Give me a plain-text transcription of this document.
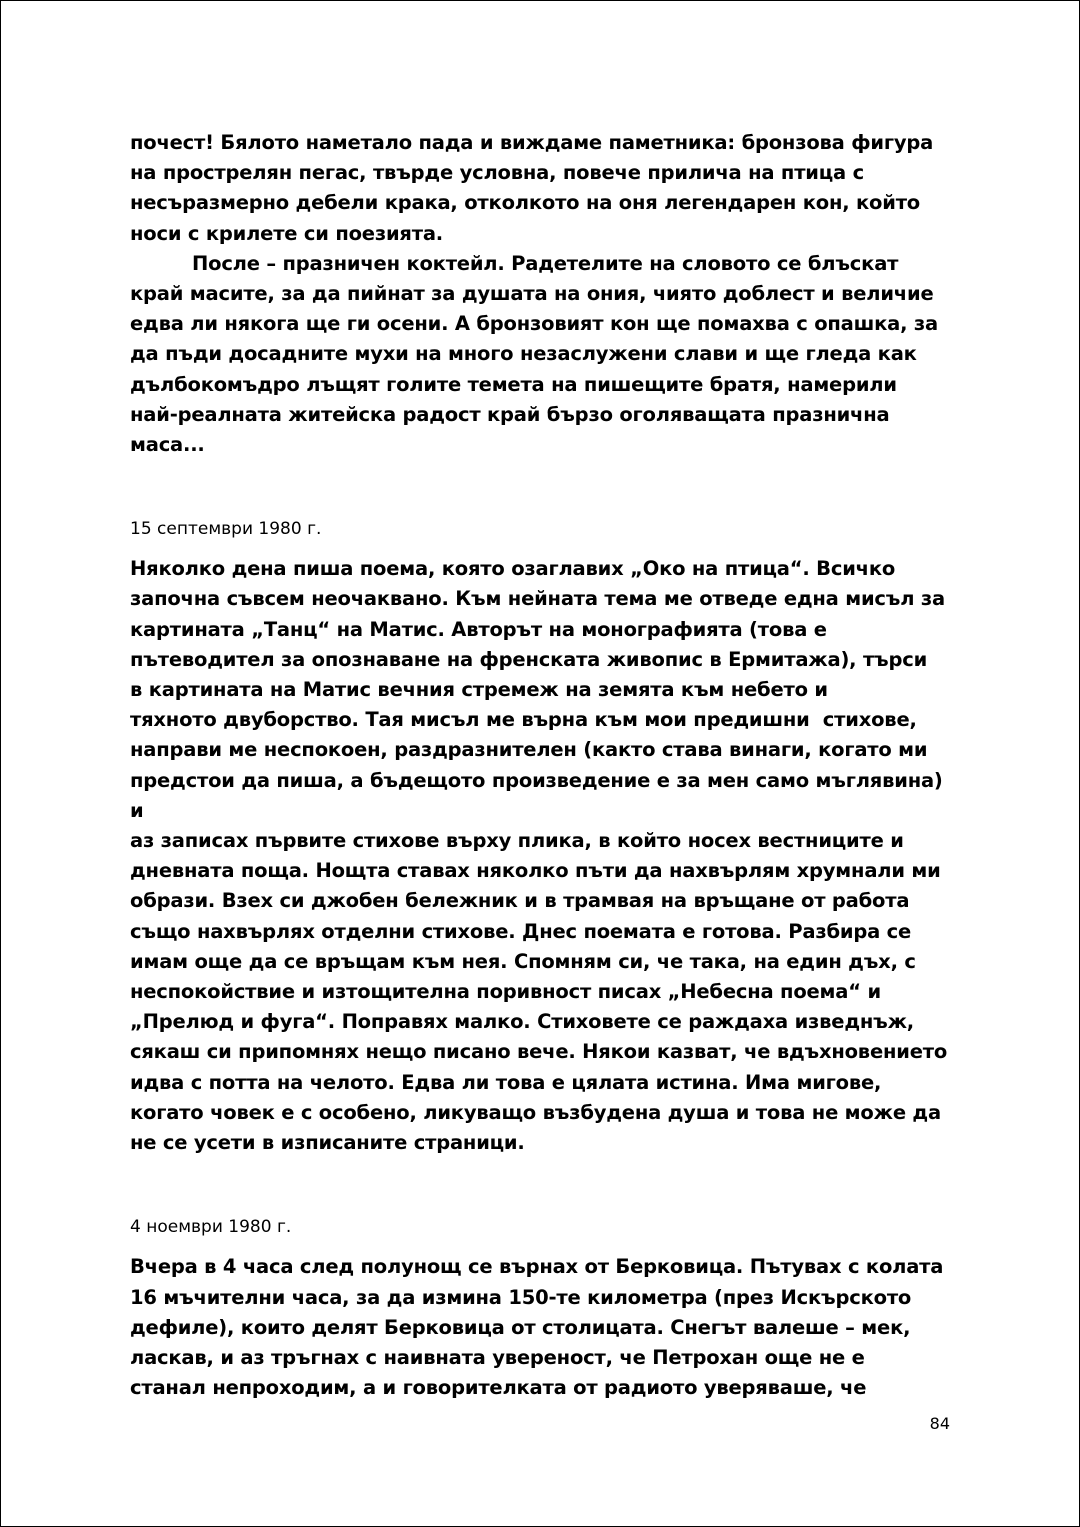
почест! Бялото наметало пада и виждаме паметника: бронзова фигура
на прострелян пегас, твърде условна, повече прилича на птица с
несъразмерно дебели крака, отколкото на оня легендарен кон, който
носи с крилете си поезията.

После – празничен коктейл. Радетелите на словото се блъскат
край масите, за да пийнат за душата на ония, чиято доблест и величие
едва ли някога ще ги осени. А бронзовият кон ще помахва с опашка, за
да пъди досадните мухи на много незаслужени слави и ще гледа как
дълбокомъдро лъщят голите темета на пишещите братя, намерили
най-реалната житейска радост край бързо оголяващата празнична
маса...

15 септември 1980 г.

Няколко дена пиша поема, която озаглавих „Око на птица“. Всичко
започна съвсем неочаквано. Към нейната тема ме отведе една мисъл за
картината „Танц“ на Матис. Авторът на монографията (това е
пътеводител за опознаване на френската живопис в Ермитажа), търси
в картината на Матис вечния стремеж на земята към небето и
тяхното двуборство. Тая мисъл ме върна към мои предишни  стихове,
направи ме неспокоен, раздразнителен (както става винаги, когато ми
предстои да пиша, а бъдещото произведение е за мен само мъглявина) и
аз записах първите стихове върху плика, в който носех вестниците и
дневната поща. Нощта ставах няколко пъти да нахвърлям хрумнали ми
образи. Взех си джобен бележник и в трамвая на връщане от работа
също нахвърлях отделни стихове. Днес поемата е готова. Разбира се
имам още да се връщам към нея. Спомням си, че така, на един дъх, с
неспокойствие и изтощителна поривност писах „Небесна поема“ и
„Прелюд и фуга“. Поправях малко. Стиховете се раждаха изведнъж,
сякаш си припомнях нещо писано вече. Някои казват, че вдъхновението
идва с потта на челото. Едва ли това е цялата истина. Има мигове,
когато човек е с особено, ликуващо възбудена душа и това не може да
не се усети в изписаните страници.

4 ноември 1980 г.

Вчера в 4 часа след полунощ се върнах от Берковица. Пътувах с колата
16 мъчителни часа, за да измина 150-те километра (през Искърското
дефиле), които делят Берковица от столицата. Снегът валеше – мек,
ласкав, и аз тръгнах с наивната увереност, че Петрохан още не е
станал непроходим, а и говорителката от радиото уверяваше, че

84
